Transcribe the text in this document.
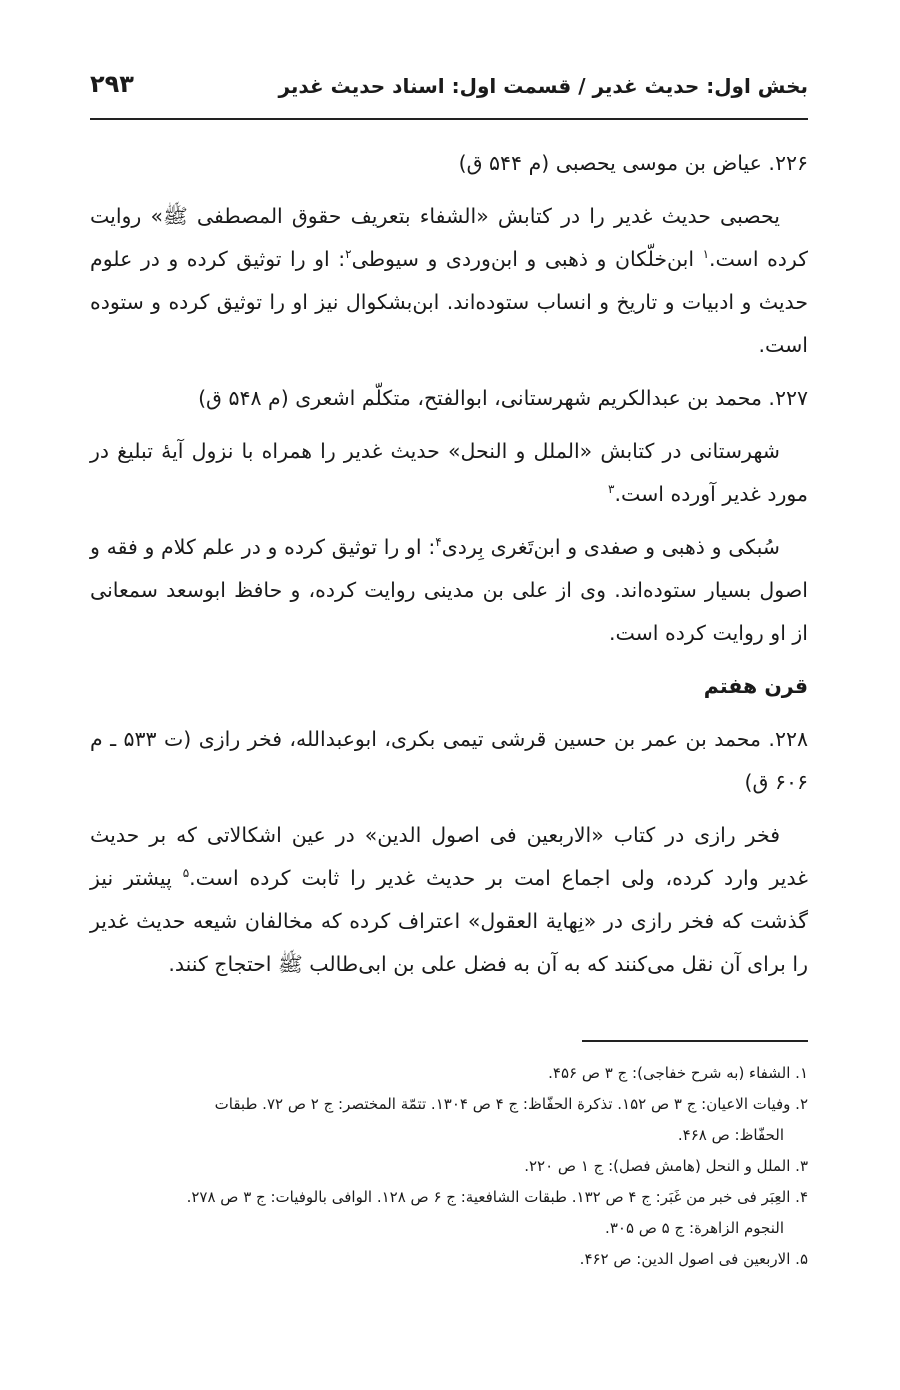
بخش اول: حدیث غدیر / قسمت اول: اسناد حدیث غدیر
۲۹۳

۲۲۶. عیاض بن موسی یحصبی (م ۵۴۴ ق)

یحصبی حدیث غدیر را در کتابش «الشفاء بتعریف حقوق المصطفی ﷺ» روایت کرده است.$^۱$ ابن‌خلّکان و ذهبی و ابن‌وردی و سیوطی$^۲$: او را توثیق کرده و در علوم حدیث و ادبیات و تاریخ و انساب ستوده‌اند. ابن‌بشکوال نیز او را توثیق کرده و ستوده است.

۲۲۷. محمد بن عبدالکریم شهرستانی، ابوالفتح، متکلّم اشعری (م ۵۴۸ ق)

شهرستانی در کتابش «الملل و النحل» حدیث غدیر را همراه با نزول آیهٔ تبلیغ در مورد غدیر آورده است.$^۳$

سُبکی و ذهبی و صفدی و ابن‌تَغری بِردی$^۴$: او را توثیق کرده و در علم کلام و فقه و اصول بسیار ستوده‌اند. وی از علی بن مدینی روایت کرده، و حافظ ابوسعد سمعانی از او روایت کرده است.

قرن هفتم

۲۲۸. محمد بن عمر بن حسین قرشی تیمی بکری، ابوعبدالله، فخر رازی (ت ۵۳۳ ـ م ۶۰۶ ق)

فخر رازی در کتاب «الاربعین فی اصول الدین» در عین اشکالاتی که بر حدیث غدیر وارد کرده، ولی اجماع امت بر حدیث غدیر را ثابت کرده است.$^۵$ پیشتر نیز گذشت که فخر رازی در «نِهایة العقول» اعتراف کرده که مخالفان شیعه حدیث غدیر را برای آن نقل می‌کنند که به آن به فضل علی بن ابی‌طالب ﷺ احتجاج کنند.

۱. الشفاء (به شرح خفاجی): ج ۳ ص ۴۵۶.
۲. وفیات الاعیان: ج ۳ ص ۱۵۲. تذکرة الحفّاظ: ج ۴ ص ۱۳۰۴. تتمّة المختصر: ج ۲ ص ۷۲. طبقات
الحفّاظ: ص ۴۶۸.
۳. الملل و النحل (هامش فصل): ج ۱ ص ۲۲۰.
۴. العِبَر فی خبر من غَبَر: ج ۴ ص ۱۳۲. طبقات الشافعیة: ج ۶ ص ۱۲۸. الوافی بالوفیات: ج ۳ ص ۲۷۸.
النجوم الزاهرة: ج ۵ ص ۳۰۵.
۵. الاربعین فی اصول الدین: ص ۴۶۲.
